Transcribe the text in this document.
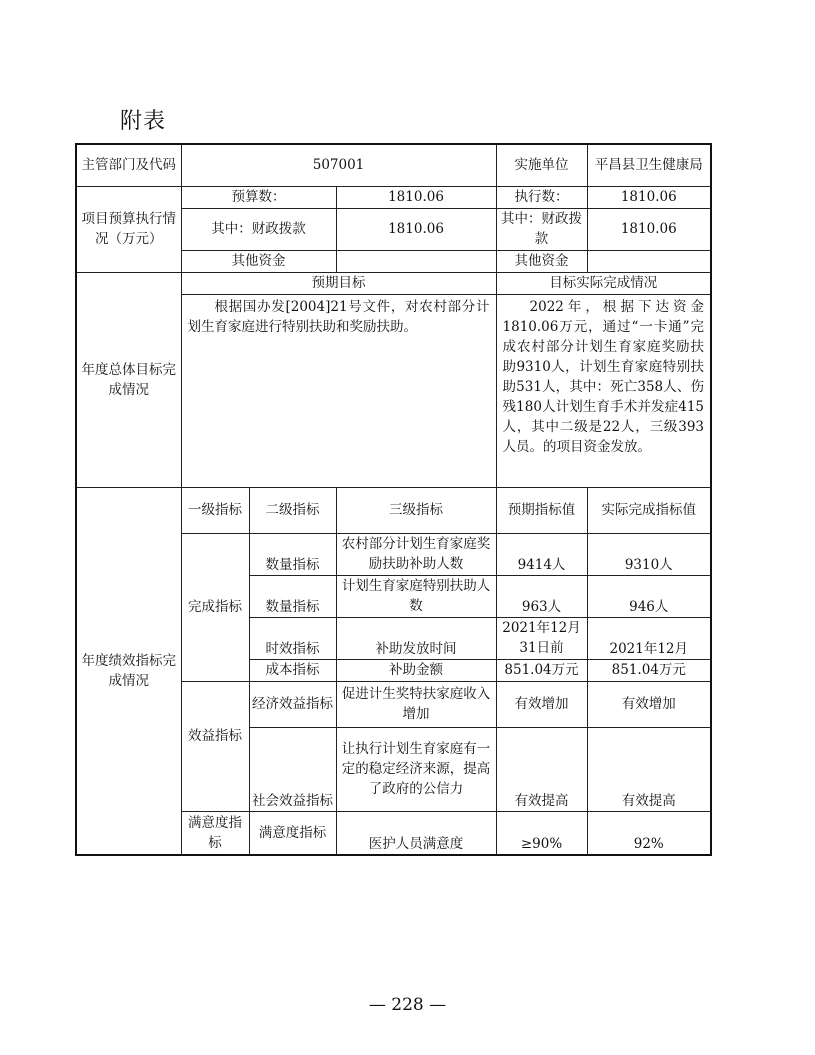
附表
主管部门及代码	507001			实施单位	平昌县卫生健康局
项目预算执行情况（万元）	预算数：		1810.06	执行数：	1810.06
	其中：财政拨款		1810.06	其中：财政拨款	1810.06
	其他资金			其他资金	
年度总体目标完成情况	预期目标			目标实际完成情况	
	根据国办发[2004]21号文件，对农村部分计划生育家庭进行特别扶助和奖励扶助。			2022年，根据下达资金1810.06万元，通过“一卡通”完成农村部分计划生育家庭奖励扶助9310人，计划生育家庭特别扶助531人，其中：死亡358人、伤残180人计划生育手术并发症415人，其中二级是22人，三级393人员。的项目资金发放。	
年度绩效指标完成情况	一级指标	二级指标	三级指标	预期指标值	实际完成指标值
	完成指标	数量指标	农村部分计划生育家庭奖励扶助补助人数	9414人	9310人
		数量指标	计划生育家庭特别扶助人数	963人	946人
		时效指标	补助发放时间	2021年12月31日前	2021年12月
		成本指标	补助金额	851.04万元	851.04万元
	效益指标	经济效益指标	促进计生奖特扶家庭收入增加	有效增加	有效增加
		社会效益指标	让执行计划生育家庭有一定的稳定经济来源，提高了政府的公信力	有效提高	有效提高
	满意度指标	满意度指标	医护人员满意度	≥90%	92%
— 228 —
